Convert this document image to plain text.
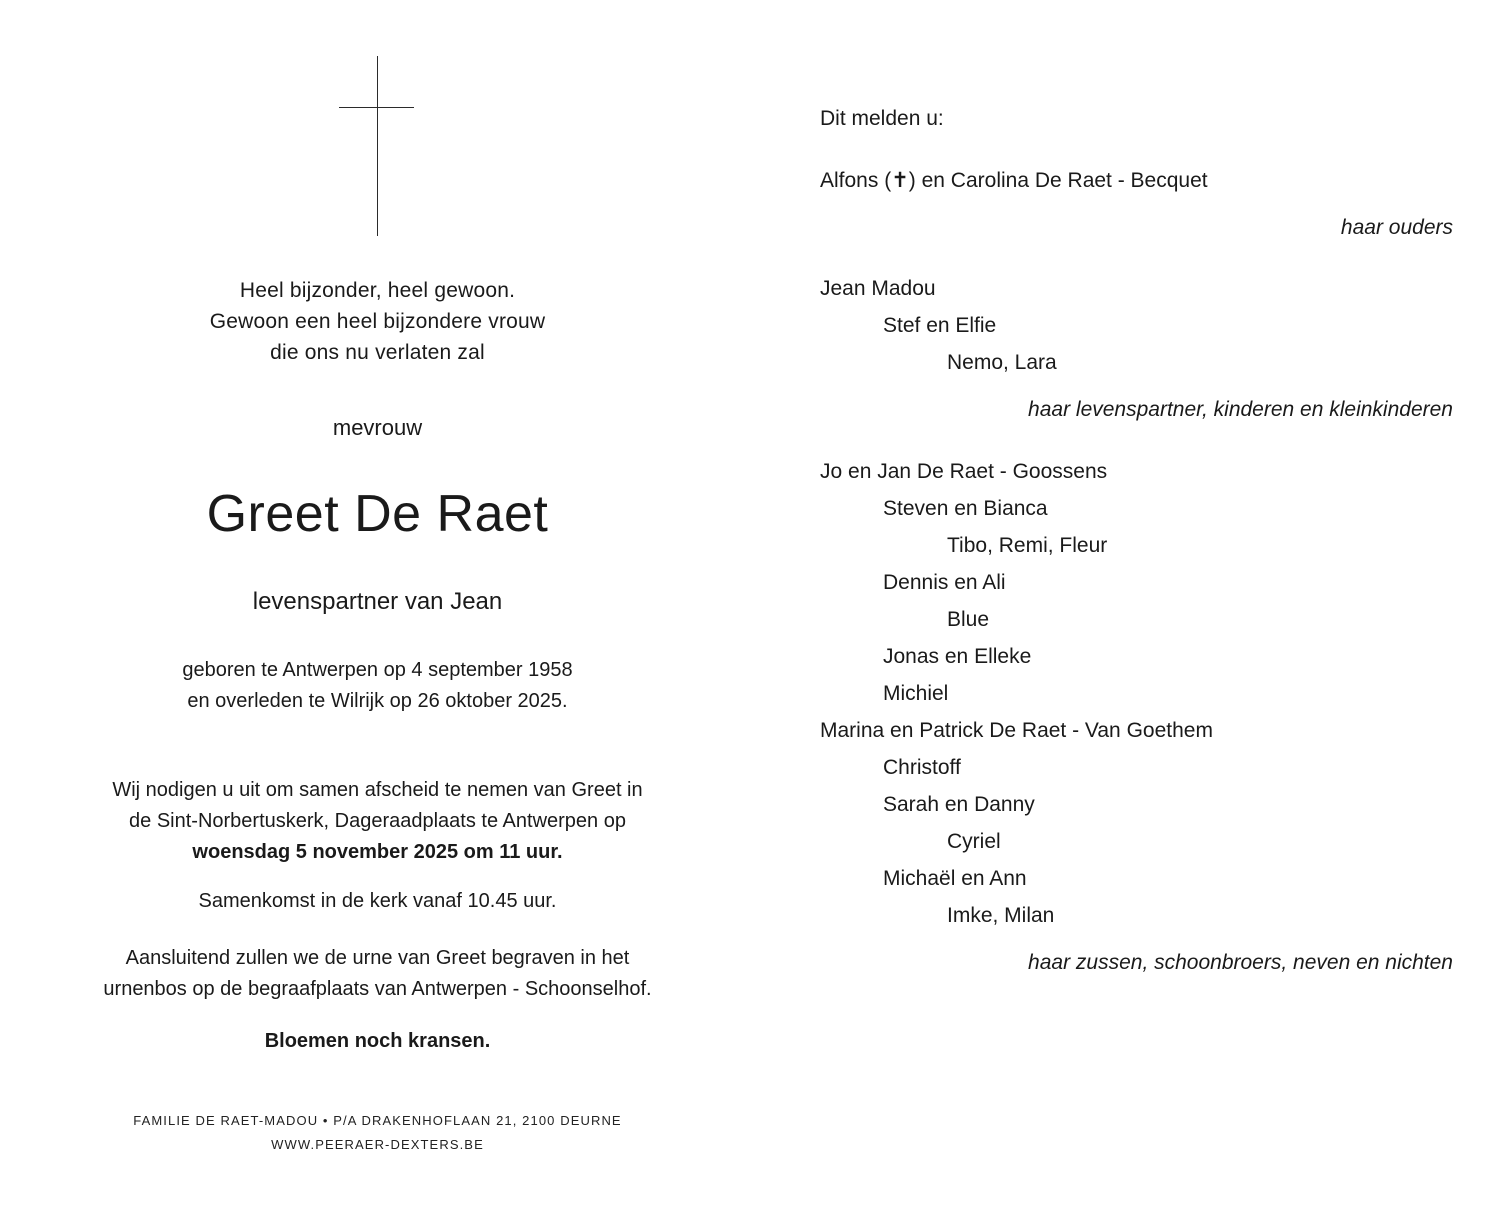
Heel bijzonder, heel gewoon.
Gewoon een heel bijzondere vrouw
die ons nu verlaten zal
mevrouw
Greet De Raet
levenspartner van Jean
geboren te Antwerpen op 4 september 1958
en overleden te Wilrijk op 26 oktober 2025.
Wij nodigen u uit om samen afscheid te nemen van Greet in
de Sint-Norbertuskerk, Dageraadplaats te Antwerpen op
woensdag 5 november 2025 om 11 uur.
Samenkomst in de kerk vanaf 10.45 uur.
Aansluitend zullen we de urne van Greet begraven in het
urnenbos op de begraafplaats van Antwerpen - Schoonselhof.
Bloemen noch kransen.
FAMILIE DE RAET-MADOU • P/A DRAKENHOFLAAN 21, 2100 DEURNE
WWW.PEERAER-DEXTERS.BE
Dit melden u:
Alfons (✝) en Carolina De Raet - Becquet
haar ouders
Jean Madou
Stef en Elfie
Nemo, Lara
haar levenspartner, kinderen en kleinkinderen
Jo en Jan De Raet - Goossens
Steven en Bianca
Tibo, Remi, Fleur
Dennis en Ali
Blue
Jonas en Elleke
Michiel
Marina en Patrick De Raet - Van Goethem
Christoff
Sarah en Danny
Cyriel
Michaël en Ann
Imke, Milan
haar zussen, schoonbroers, neven en nichten
